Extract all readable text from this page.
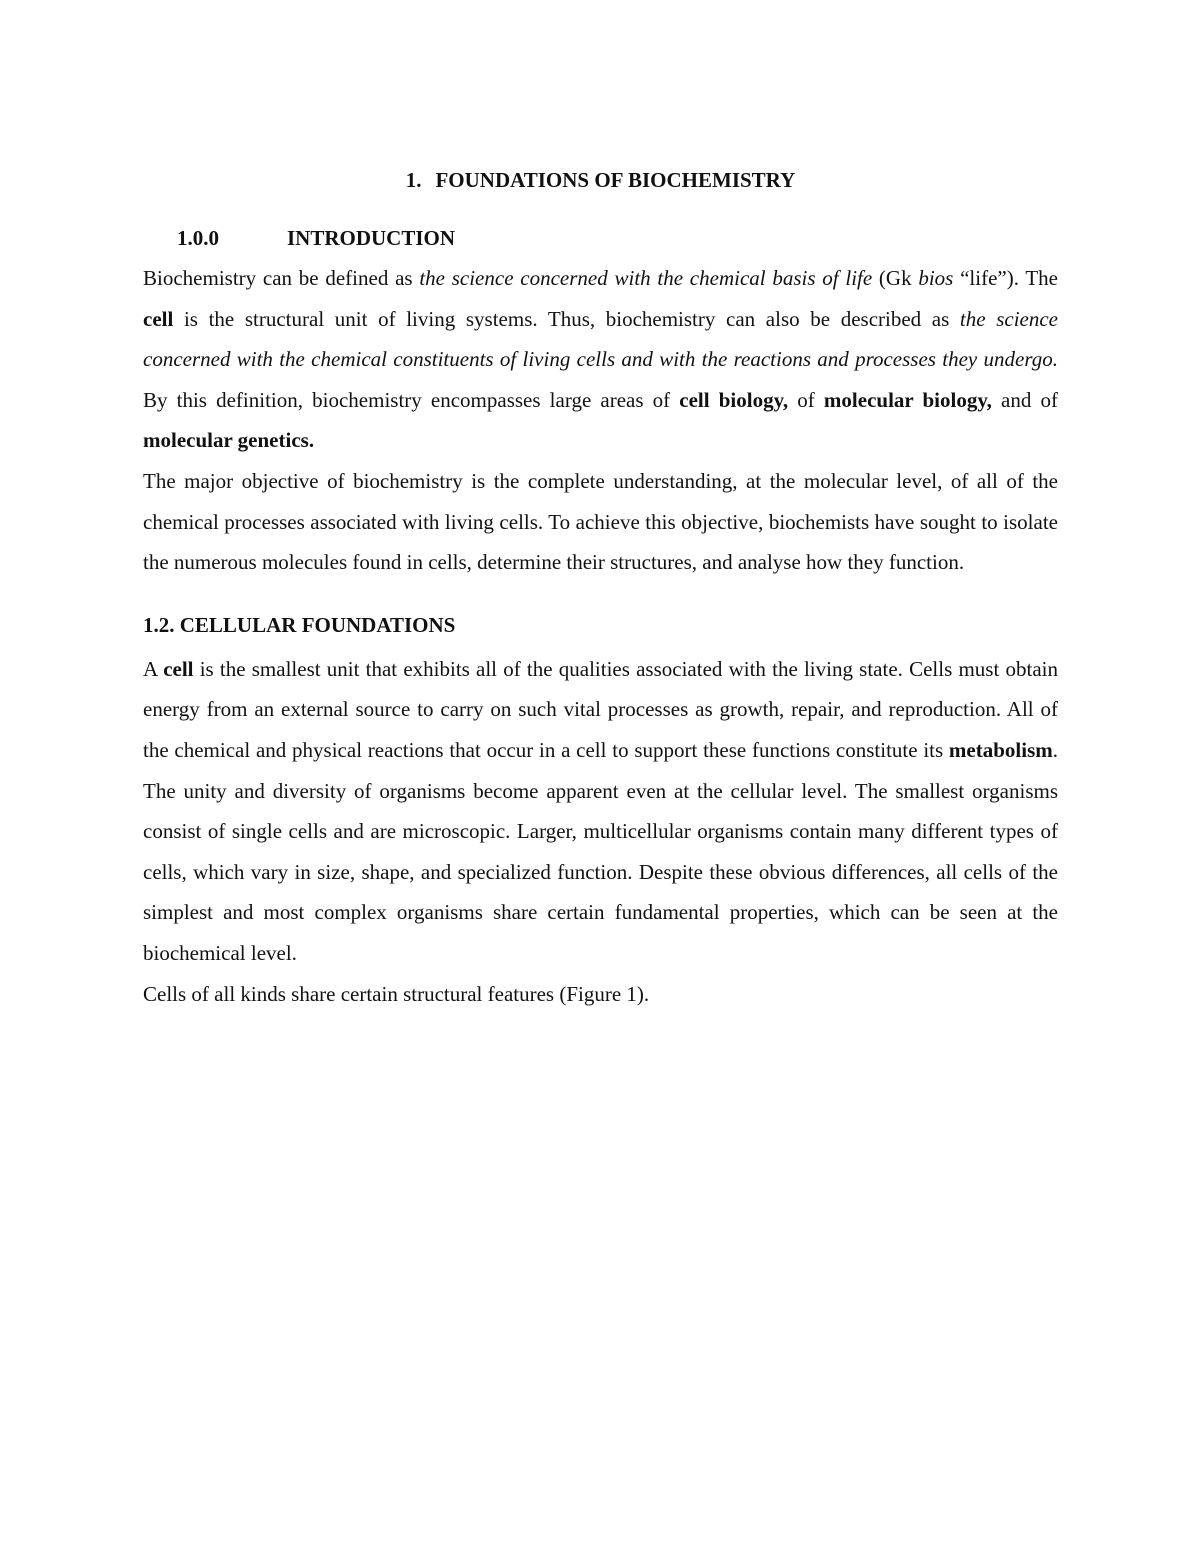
1. FOUNDATIONS OF BIOCHEMISTRY
1.0.0	INTRODUCTION

Biochemistry can be defined as the science concerned with the chemical basis of life (Gk bios “life”). The cell is the structural unit of living systems. Thus, biochemistry can also be described as the science concerned with the chemical constituents of living cells and with the reactions and processes they undergo. By this definition, biochemistry encompasses large areas of cell biology, of molecular biology, and of molecular genetics.

The major objective of biochemistry is the complete understanding, at the molecular level, of all of the chemical processes associated with living cells. To achieve this objective, biochemists have sought to isolate the numerous molecules found in cells, determine their structures, and analyse how they function.

1.2. CELLULAR FOUNDATIONS

A cell is the smallest unit that exhibits all of the qualities associated with the living state. Cells must obtain energy from an external source to carry on such vital processes as growth, repair, and reproduction. All of the chemical and physical reactions that occur in a cell to support these functions constitute its metabolism. The unity and diversity of organisms become apparent even at the cellular level. The smallest organisms consist of single cells and are microscopic. Larger, multicellular organisms contain many different types of cells, which vary in size, shape, and specialized function. Despite these obvious differences, all cells of the simplest and most complex organisms share certain fundamental properties, which can be seen at the biochemical level.

Cells of all kinds share certain structural features (Figure 1).
